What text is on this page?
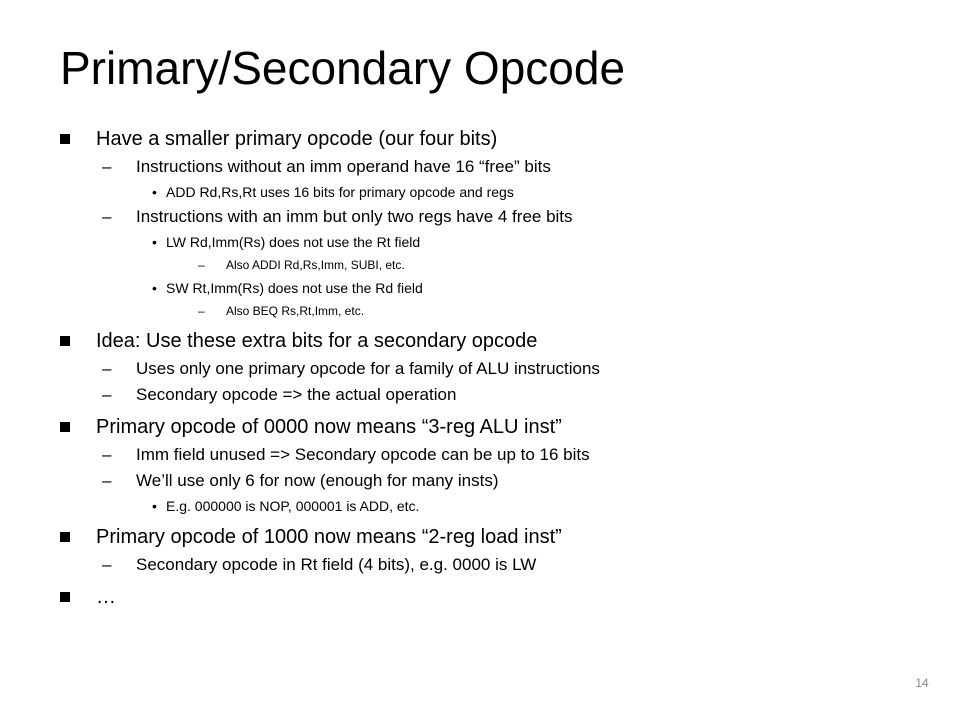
Primary/Secondary Opcode
Have a smaller primary opcode (our four bits)
– Instructions without an imm operand have 16 “free” bits
• ADD Rd,Rs,Rt uses 16 bits for primary opcode and regs
– Instructions with an imm but only two regs have 4 free bits
• LW Rd,Imm(Rs) does not use the Rt field
– Also ADDI Rd,Rs,Imm, SUBI, etc.
• SW Rt,Imm(Rs) does not use the Rd field
– Also BEQ Rs,Rt,Imm, etc.
Idea: Use these extra bits for a secondary opcode
– Uses only one primary opcode for a family of ALU instructions
– Secondary opcode => the actual operation
Primary opcode of 0000 now means “3-reg ALU inst”
– Imm field unused => Secondary opcode can be up to 16 bits
– We’ll use only 6 for now (enough for many insts)
• E.g. 000000 is NOP, 000001 is ADD, etc.
Primary opcode of 1000 now means “2-reg load inst”
– Secondary opcode in Rt field (4 bits), e.g. 0000 is LW
…
14
